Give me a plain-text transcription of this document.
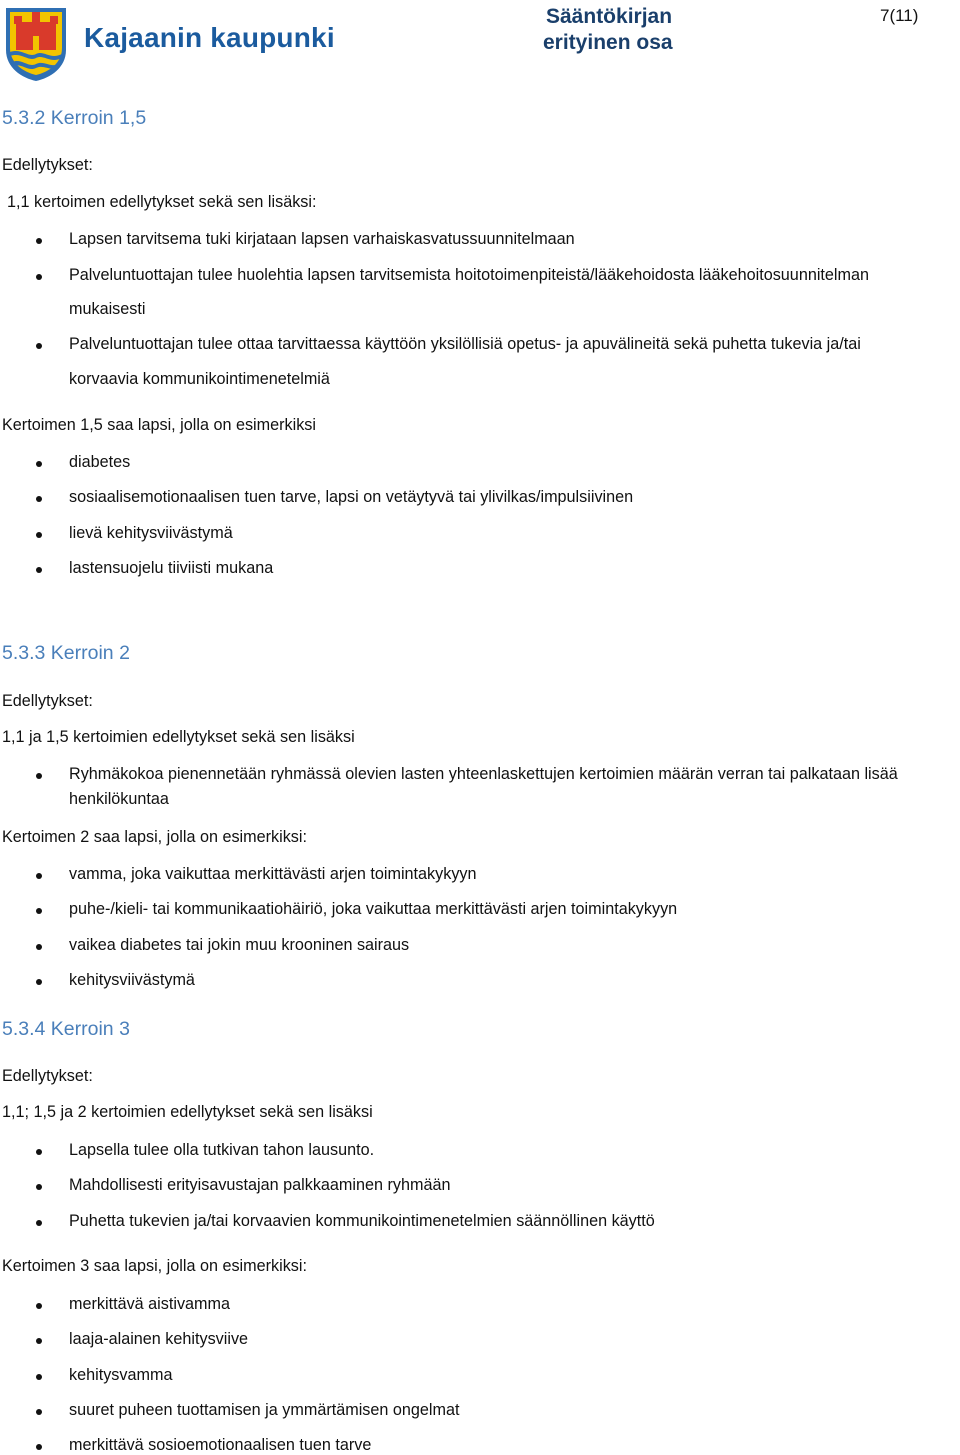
Kajaanin kaupunki
Sääntökirjan
erityinen osa
7(11)
5.3.2 Kerroin 1,5
Edellytykset:
1,1 kertoimen edellytykset sekä sen lisäksi:
Lapsen tarvitsema tuki kirjataan lapsen varhaiskasvatussuunnitelmaan
Palveluntuottajan tulee huolehtia lapsen tarvitsemista hoitotoimenpiteistä/lääkehoidosta lääkehoitosuunnitelman
mukaisesti
Palveluntuottajan tulee ottaa tarvittaessa käyttöön yksilöllisiä opetus- ja apuvälineitä sekä puhetta tukevia ja/tai
korvaavia kommunikointimenetelmiä
Kertoimen 1,5 saa lapsi, jolla on esimerkiksi
diabetes
sosiaalisemotionaalisen tuen tarve, lapsi on vetäytyvä tai ylivilkas/impulsiivinen
lievä kehitysviivästymä
lastensuojelu tiiviisti mukana
5.3.3 Kerroin 2
Edellytykset:
1,1 ja 1,5 kertoimien edellytykset sekä sen lisäksi
Ryhmäkokoa pienennetään ryhmässä olevien lasten yhteenlaskettujen kertoimien määrän verran tai palkataan lisää
henkilökuntaa
Kertoimen 2 saa lapsi, jolla on esimerkiksi:
vamma, joka vaikuttaa merkittävästi arjen toimintakykyyn
puhe-/kieli- tai kommunikaatiohäiriö, joka vaikuttaa merkittävästi arjen toimintakykyyn
vaikea diabetes tai jokin muu krooninen sairaus
kehitysviivästymä
5.3.4 Kerroin 3
Edellytykset:
1,1; 1,5 ja 2 kertoimien edellytykset sekä sen lisäksi
Lapsella tulee olla tutkivan tahon lausunto.
Mahdollisesti erityisavustajan palkkaaminen ryhmään
Puhetta tukevien ja/tai korvaavien kommunikointimenetelmien säännöllinen käyttö
Kertoimen 3 saa lapsi, jolla on esimerkiksi:
merkittävä aistivamma
laaja-alainen kehitysviive
kehitysvamma
suuret puheen tuottamisen ja ymmärtämisen ongelmat
merkittävä sosioemotionaalisen tuen tarve
